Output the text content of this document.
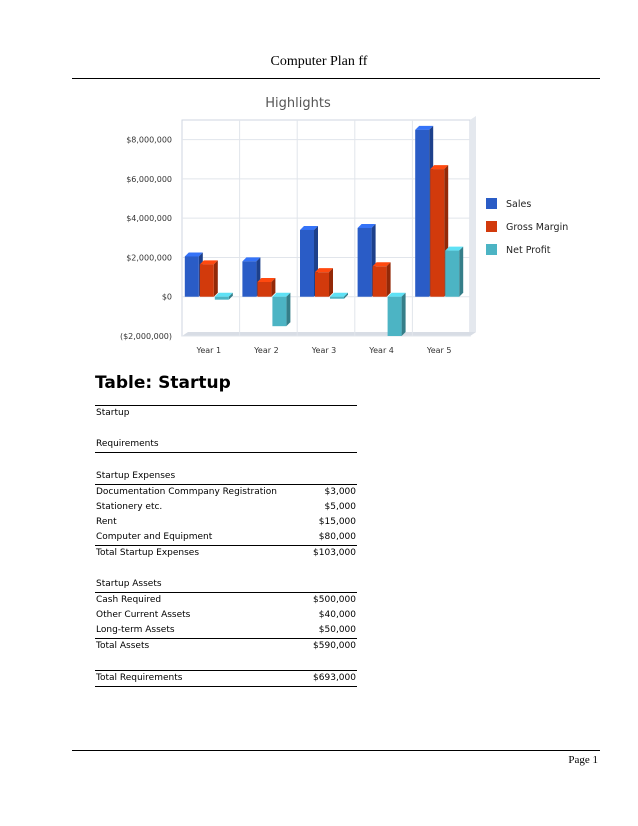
Computer Plan ff
Highlights
$8,000,000
$6,000,000
$4,000,000
$2,000,000
$0
($2,000,000)
Year 1	Year 2	Year 3	Year 4	Year 5
Sales
Gross Margin
Net Profit
Table: Startup
Startup
Requirements
Startup Expenses
Documentation Commpany Registration	$3,000
Stationery etc.	$5,000
Rent	$15,000
Computer and Equipment	$80,000
Total Startup Expenses	$103,000
Startup Assets
Cash Required	$500,000
Other Current Assets	$40,000
Long-term Assets	$50,000
Total Assets	$590,000
Total Requirements	$693,000
Page 1
